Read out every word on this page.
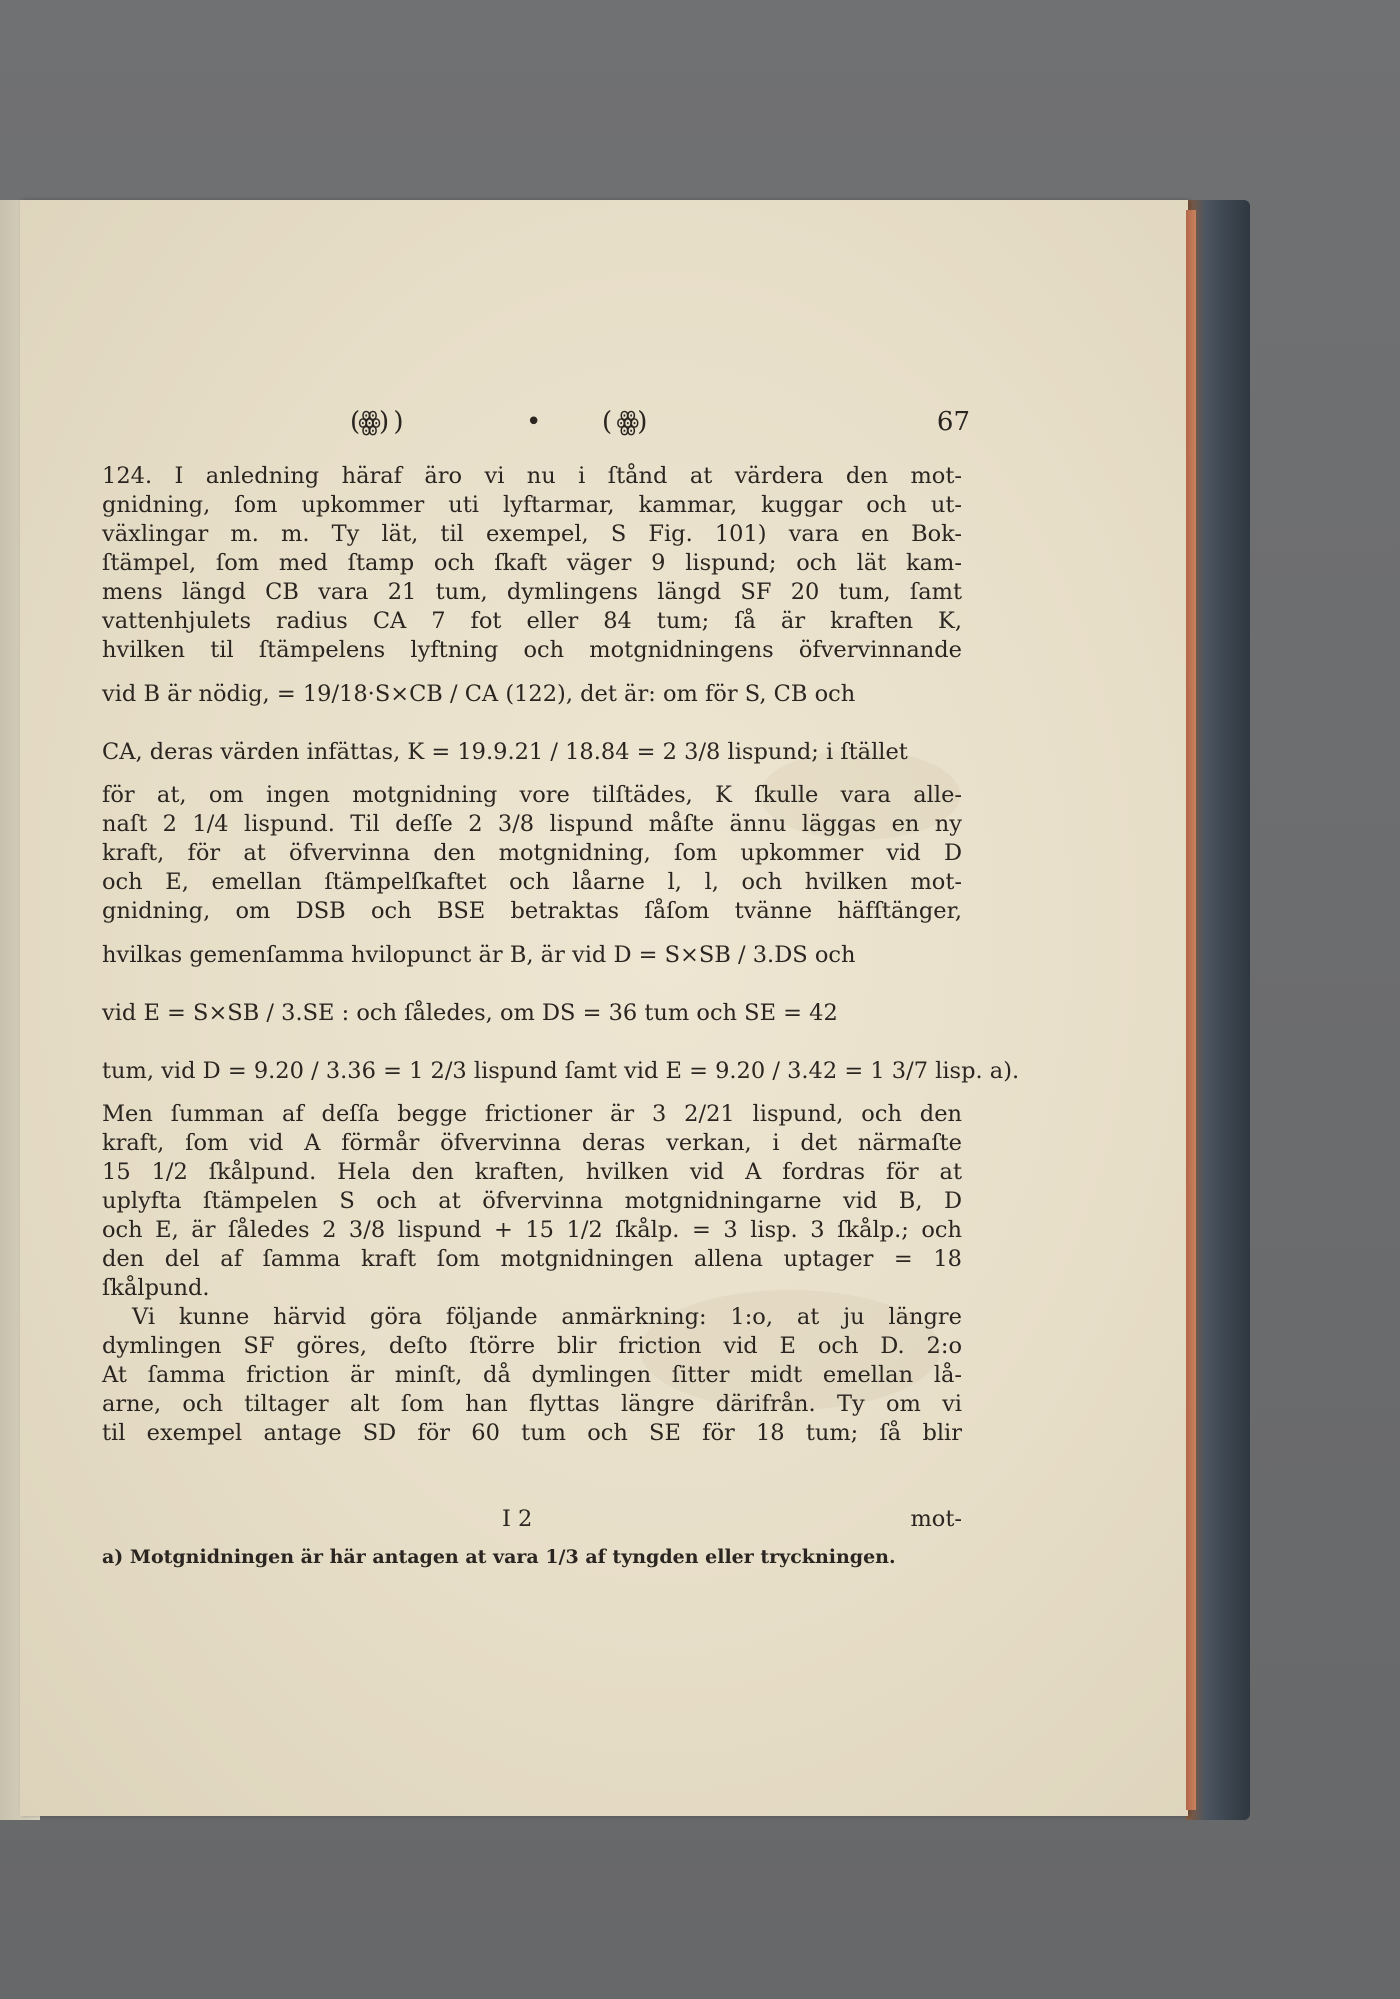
(ꙮ) )	• ( ꙮ)	67
124. I anledning häraf äro vi nu i ſtånd at värdera den mot-
gnidning, ſom upkommer uti lyftarmar, kammar, kuggar och ut-
växlingar m. m. Ty lät, til exempel, S Fig. 101) vara en Bok-
ſtämpel, ſom med ſtamp och ſkaft väger 9 lispund; och lät kam-
mens längd CB vara 21 tum, dymlingens längd SF 20 tum, ſamt
vattenhjulets radius CA 7 fot eller 84 tum; ſå är kraften K,
hvilken til ſtämpelens lyftning och motgnidningens öfvervinnande
vid B är nödig, = 19/18·S×CB / CA (122), det är: om för S, CB och
CA, deras värden infättas, K = 19.9.21 / 18.84 = 2 3/8 lispund; i ſtället
för at, om ingen motgnidning vore tilſtädes, K ſkulle vara alle-
naſt 2 1/4 lispund. Til deſſe 2 3/8 lispund måſte ännu läggas en ny
kraft, för at öfvervinna den motgnidning, ſom upkommer vid D
och E, emellan ſtämpelſkaftet och låarne l, l, och hvilken mot-
gnidning, om DSB och BSE betraktas ſåſom tvänne häfſtänger,
hvilkas gemenſamma hvilopunct är B, är vid D = S×SB / 3.DS och
vid E = S×SB / 3.SE : och ſåledes, om DS = 36 tum och SE = 42
tum, vid D = 9.20 / 3.36 = 1 2/3 lispund ſamt vid E = 9.20 / 3.42 = 1 3/7 lisp. a).
Men ſumman af deſſa begge frictioner är 3 2/21 lispund, och den
kraft, ſom vid A förmår öfvervinna deras verkan, i det närmaſte
15 1/2 ſkålpund. Hela den kraften, hvilken vid A fordras för at
uplyfta ſtämpelen S och at öfvervinna motgnidningarne vid B, D
och E, är ſåledes 2 3/8 lispund + 15 1/2 ſkålp. = 3 lisp. 3 ſkålp.; och
den del af ſamma kraft ſom motgnidningen allena uptager = 18
ſkålpund.
Vi kunne härvid göra följande anmärkning: 1:o, at ju längre
dymlingen SF göres, deſto ſtörre blir friction vid E och D. 2:o
At ſamma friction är minſt, då dymlingen ſitter midt emellan lå-
arne, och tiltager alt ſom han flyttas längre därifrån. Ty om vi
til exempel antage SD för 60 tum och SE för 18 tum; ſå blir
I 2	mot-
a) Motgnidningen är här antagen at vara 1/3 af tyngden eller tryckningen.
